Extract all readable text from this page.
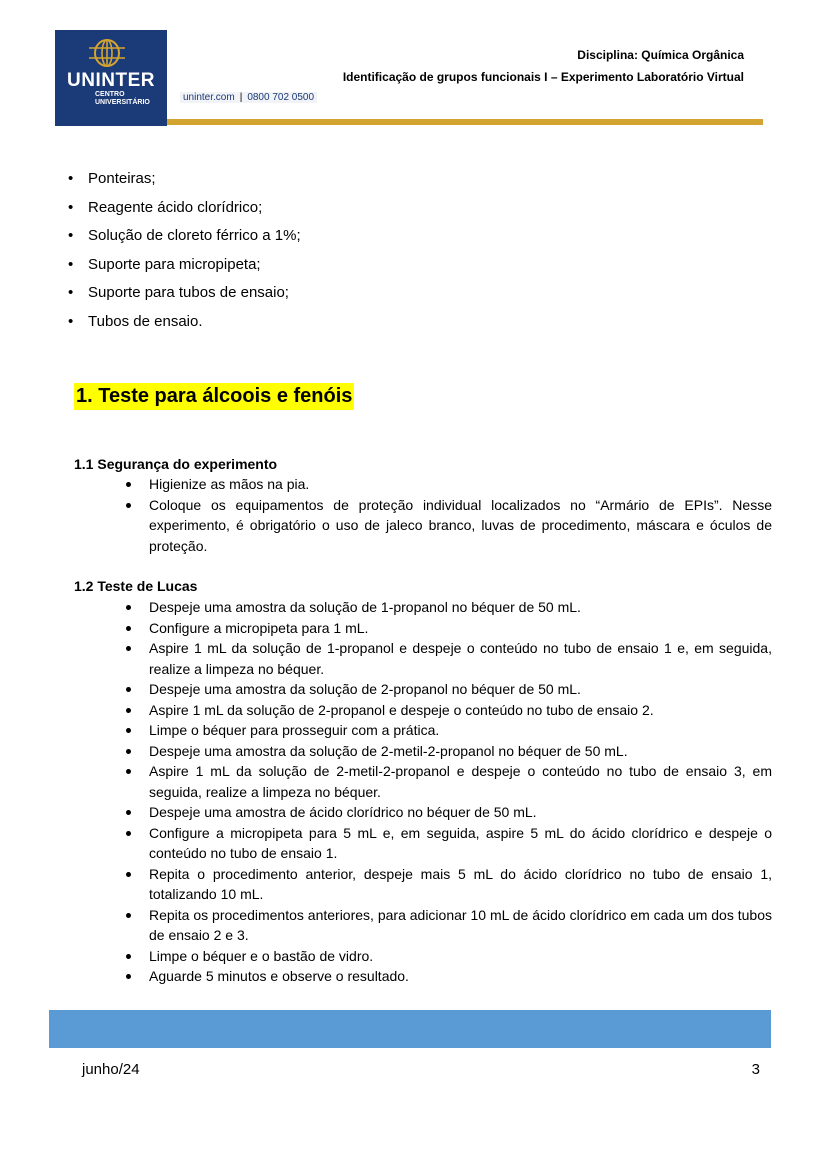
UNINTER
CENTRO
UNIVERSITÁRIO	uninter.com | 0800 702 0500
Disciplina: Química Orgânica
Identificação de grupos funcionais I – Experimento Laboratório Virtual
• Ponteiras;
• Reagente ácido clorídrico;
• Solução de cloreto férrico a 1%;
• Suporte para micropipeta;
• Suporte para tubos de ensaio;
• Tubos de ensaio.
1. Teste para álcoois e fenóis
1.1 Segurança do experimento
Higienize as mãos na pia.
Coloque os equipamentos de proteção individual localizados no “Armário de EPIs”. Nesse experimento, é obrigatório o uso de jaleco branco, luvas de procedimento, máscara e óculos de proteção.
1.2 Teste de Lucas
Despeje uma amostra da solução de 1-propanol no béquer de 50 mL.
Configure a micropipeta para 1 mL.
Aspire 1 mL da solução de 1-propanol e despeje o conteúdo no tubo de ensaio 1 e, em seguida, realize a limpeza no béquer.
Despeje uma amostra da solução de 2-propanol no béquer de 50 mL.
Aspire 1 mL da solução de 2-propanol e despeje o conteúdo no tubo de ensaio 2.
Limpe o béquer para prosseguir com a prática.
Despeje uma amostra da solução de 2-metil-2-propanol no béquer de 50 mL.
Aspire 1 mL da solução de 2-metil-2-propanol e despeje o conteúdo no tubo de ensaio 3, em seguida, realize a limpeza no béquer.
Despeje uma amostra de ácido clorídrico no béquer de 50 mL.
Configure a micropipeta para 5 mL e, em seguida, aspire 5 mL do ácido clorídrico e despeje o conteúdo no tubo de ensaio 1.
Repita o procedimento anterior, despeje mais 5 mL do ácido clorídrico no tubo de ensaio 1, totalizando 10 mL.
Repita os procedimentos anteriores, para adicionar 10 mL de ácido clorídrico em cada um dos tubos de ensaio 2 e 3.
Limpe o béquer e o bastão de vidro.
Aguarde 5 minutos e observe o resultado.
junho/24	3
